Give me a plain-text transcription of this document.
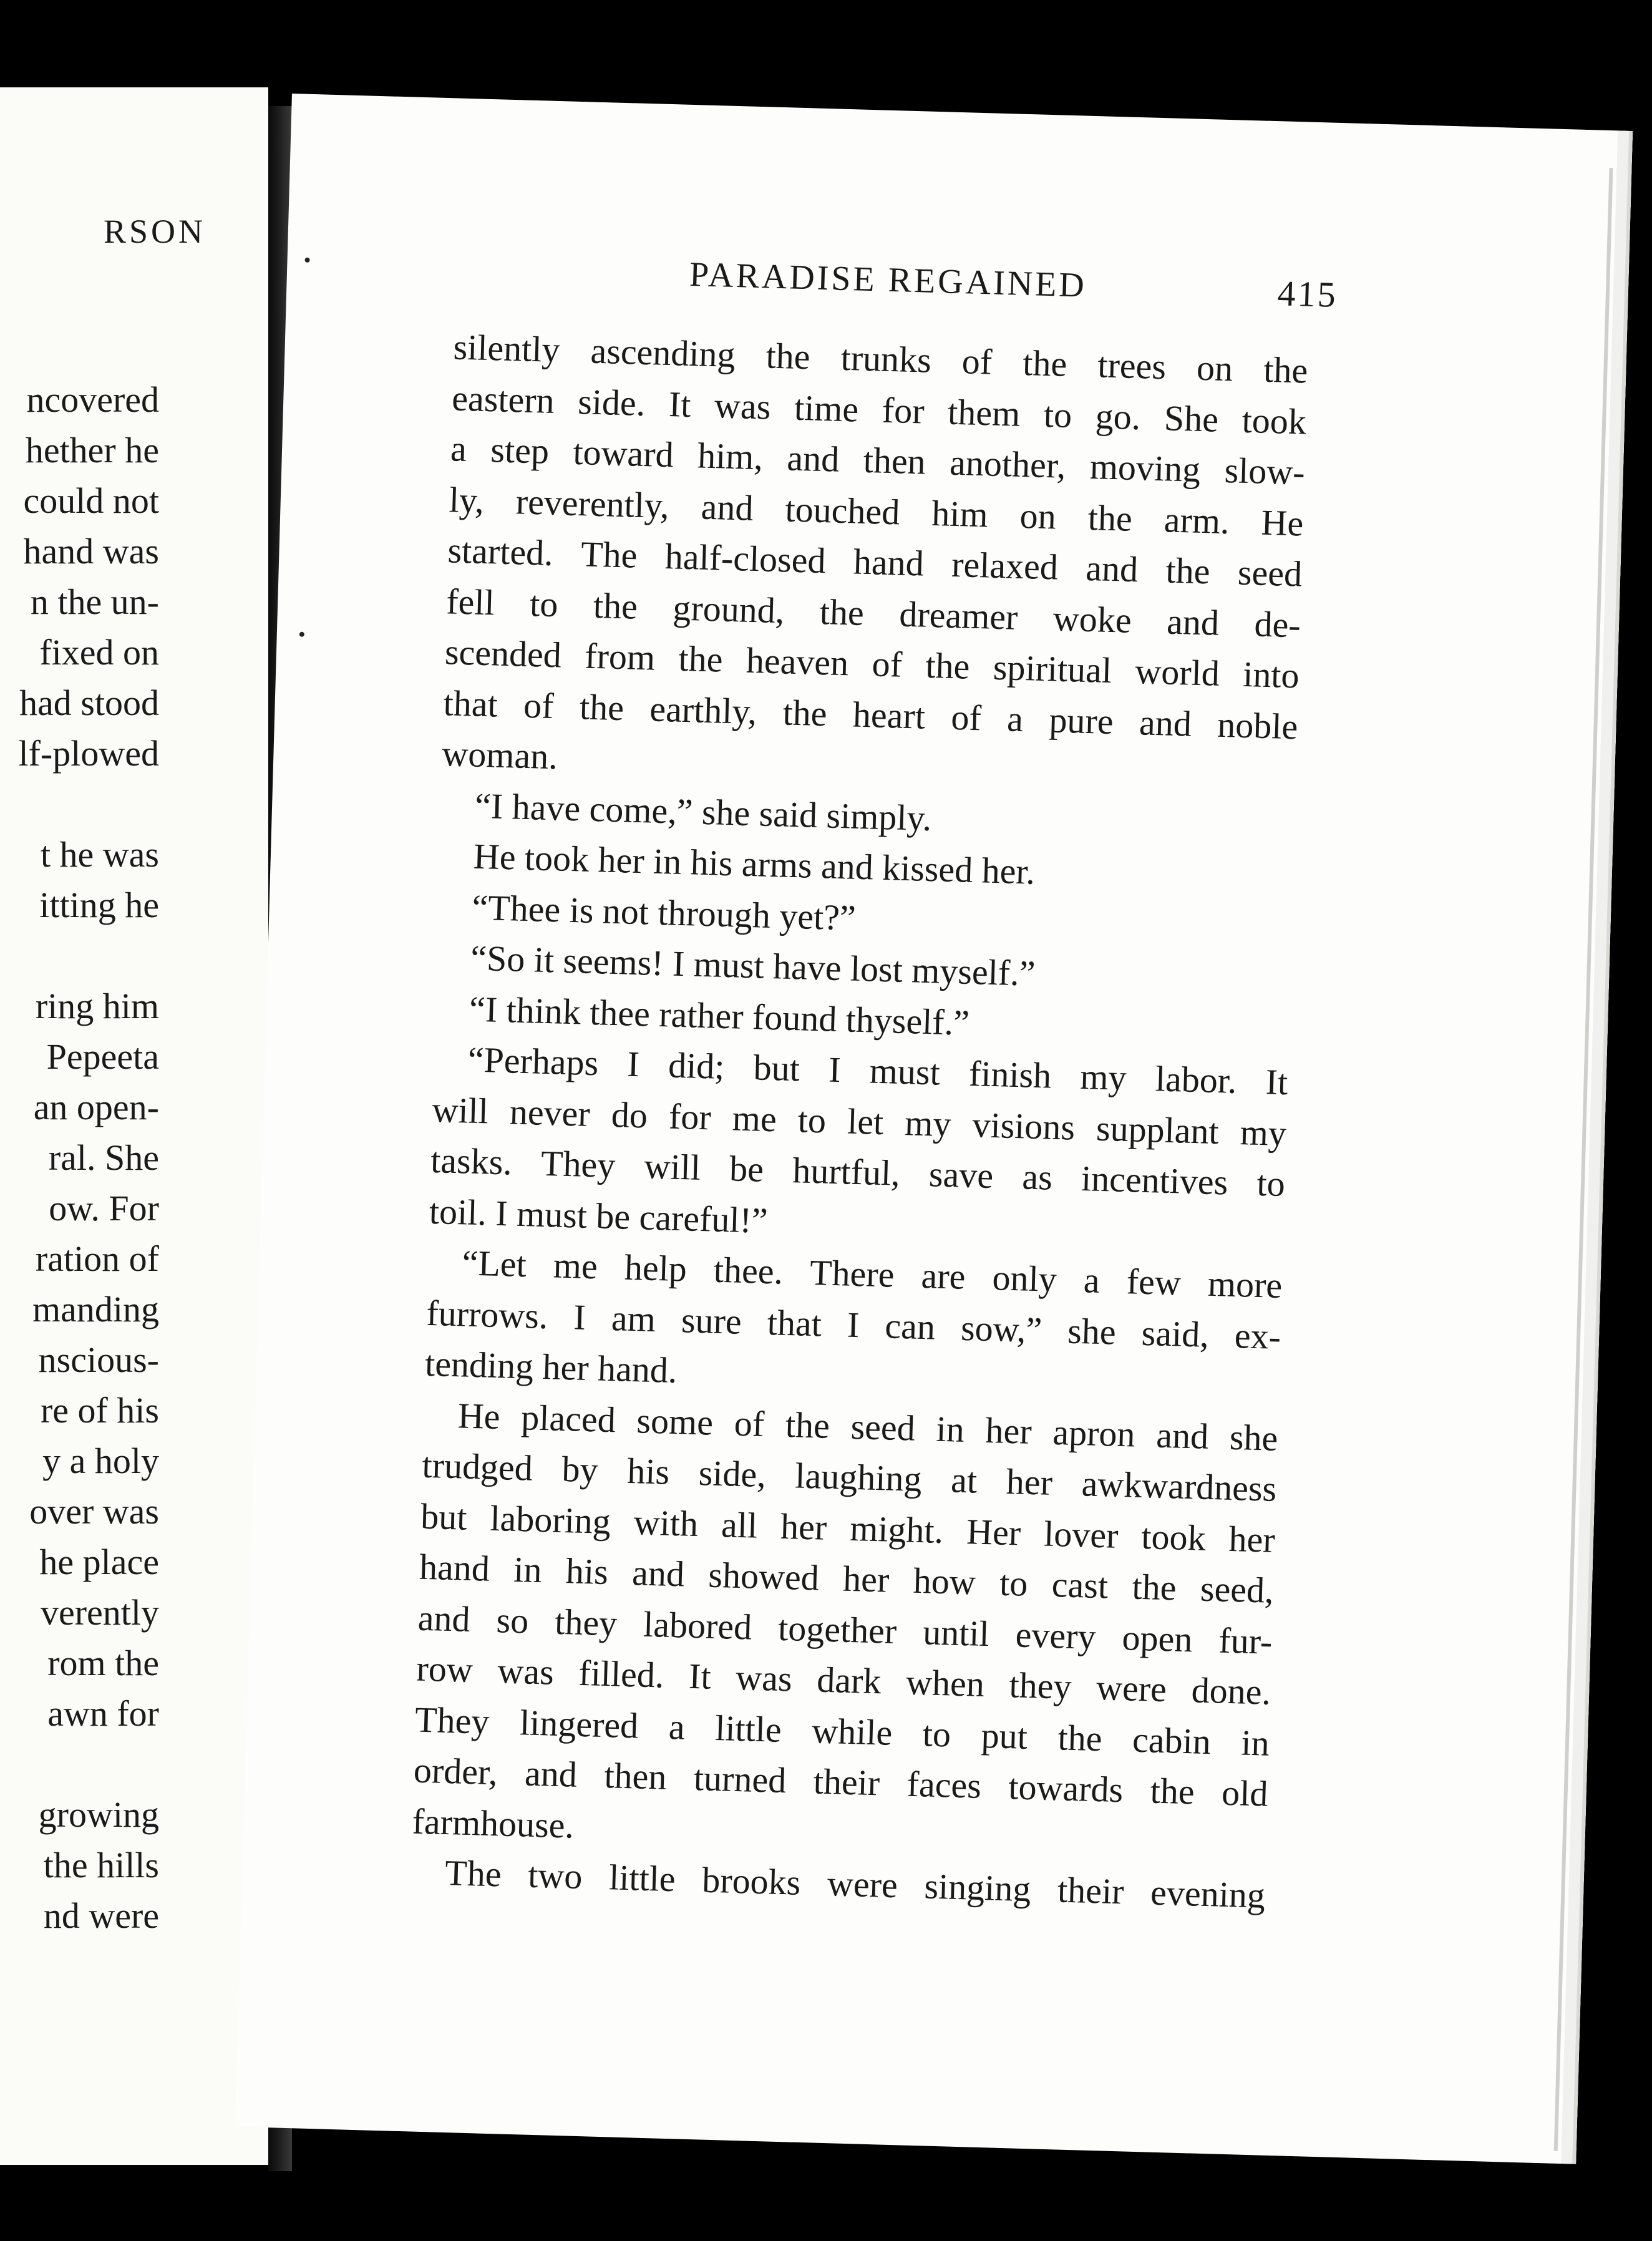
RSON
ncovered
hether he
could not
hand was
n the un-
fixed on
had stood
lf-plowed
t he was
itting he
ring him
Pepeeta
an open-
ral. She
ow. For
ration of
manding
nscious-
re of his
y a holy
over was
he place
verently
rom the
awn for
growing
the hills
nd were
PARADISE REGAINED	415
silently ascending the trunks of the trees on the
eastern side. It was time for them to go. She took
a step toward him, and then another, moving slow-
ly, reverently, and touched him on the arm. He
started. The half-closed hand relaxed and the seed
fell to the ground, the dreamer woke and de-
scended from the heaven of the spiritual world into
that of the earthly, the heart of a pure and noble
woman.
“I have come,” she said simply.
He took her in his arms and kissed her.
“Thee is not through yet?”
“So it seems! I must have lost myself.”
“I think thee rather found thyself.”
“Perhaps I did; but I must finish my labor. It
will never do for me to let my visions supplant my
tasks. They will be hurtful, save as incentives to
toil. I must be careful!”
“Let me help thee. There are only a few more
furrows. I am sure that I can sow,” she said, ex-
tending her hand.
He placed some of the seed in her apron and she
trudged by his side, laughing at her awkwardness
but laboring with all her might. Her lover took her
hand in his and showed her how to cast the seed,
and so they labored together until every open fur-
row was filled. It was dark when they were done.
They lingered a little while to put the cabin in
order, and then turned their faces towards the old
farmhouse.
The two little brooks were singing their evening
